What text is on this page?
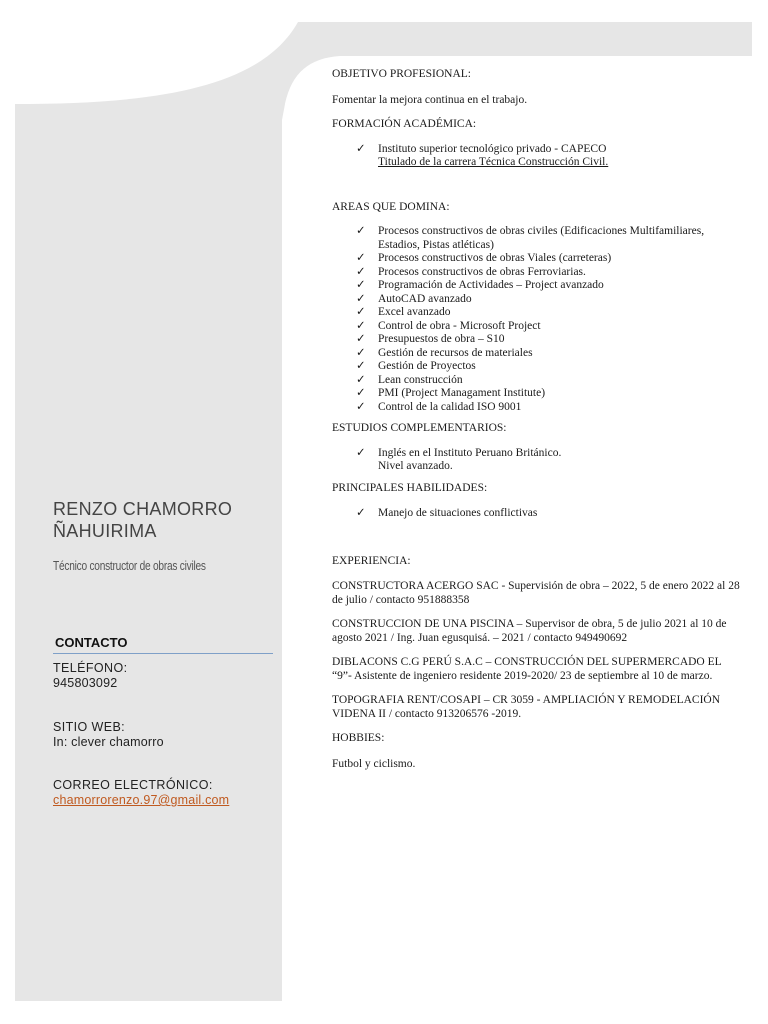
RENZO CHAMORRO
ÑAHUIRIMA
Técnico constructor de obras civiles
CONTACTO
TELÉFONO:
945803092
SITIO WEB:
In: clever chamorro
CORREO ELECTRÓNICO:
chamorrorenzo.97@gmail.com

OBJETIVO PROFESIONAL:

Fomentar la mejora continua en el trabajo.

FORMACIÓN ACADÉMICA:

✓ Instituto superior tecnológico privado - CAPECO
Titulado de la carrera Técnica Construcción Civil.

AREAS QUE DOMINA:

✓ Procesos constructivos de obras civiles (Edificaciones Multifamiliares, Estadios, Pistas atléticas)
✓ Procesos constructivos de obras Viales (carreteras)
✓ Procesos constructivos de obras Ferroviarias.
✓ Programación de Actividades – Project avanzado
✓ AutoCAD avanzado
✓ Excel avanzado
✓ Control de obra - Microsoft Project
✓ Presupuestos de obra – S10
✓ Gestión de recursos de materiales
✓ Gestión de Proyectos
✓ Lean construcción
✓ PMI (Project Managament Institute)
✓ Control de la calidad ISO 9001

ESTUDIOS COMPLEMENTARIOS:

✓ Inglés en el Instituto Peruano Británico.
Nivel avanzado.

PRINCIPALES HABILIDADES:

✓ Manejo de situaciones conflictivas

EXPERIENCIA:

CONSTRUCTORA ACERGO SAC - Supervisión de obra – 2022, 5 de enero 2022 al 28 de julio / contacto 951888358

CONSTRUCCION DE UNA PISCINA – Supervisor de obra, 5 de julio 2021 al 10 de agosto 2021 / Ing. Juan egusquisá. – 2021 / contacto 949490692

DIBLACONS C.G PERÚ S.A.C – CONSTRUCCIÓN DEL SUPERMERCADO EL “9”- Asistente de ingeniero residente 2019-2020/ 23 de septiembre al 10 de marzo.

TOPOGRAFIA RENT/COSAPI – CR 3059 - AMPLIACIÓN Y REMODELACIÓN VIDENA II / contacto 913206576 -2019.

HOBBIES:

Futbol y ciclismo.
